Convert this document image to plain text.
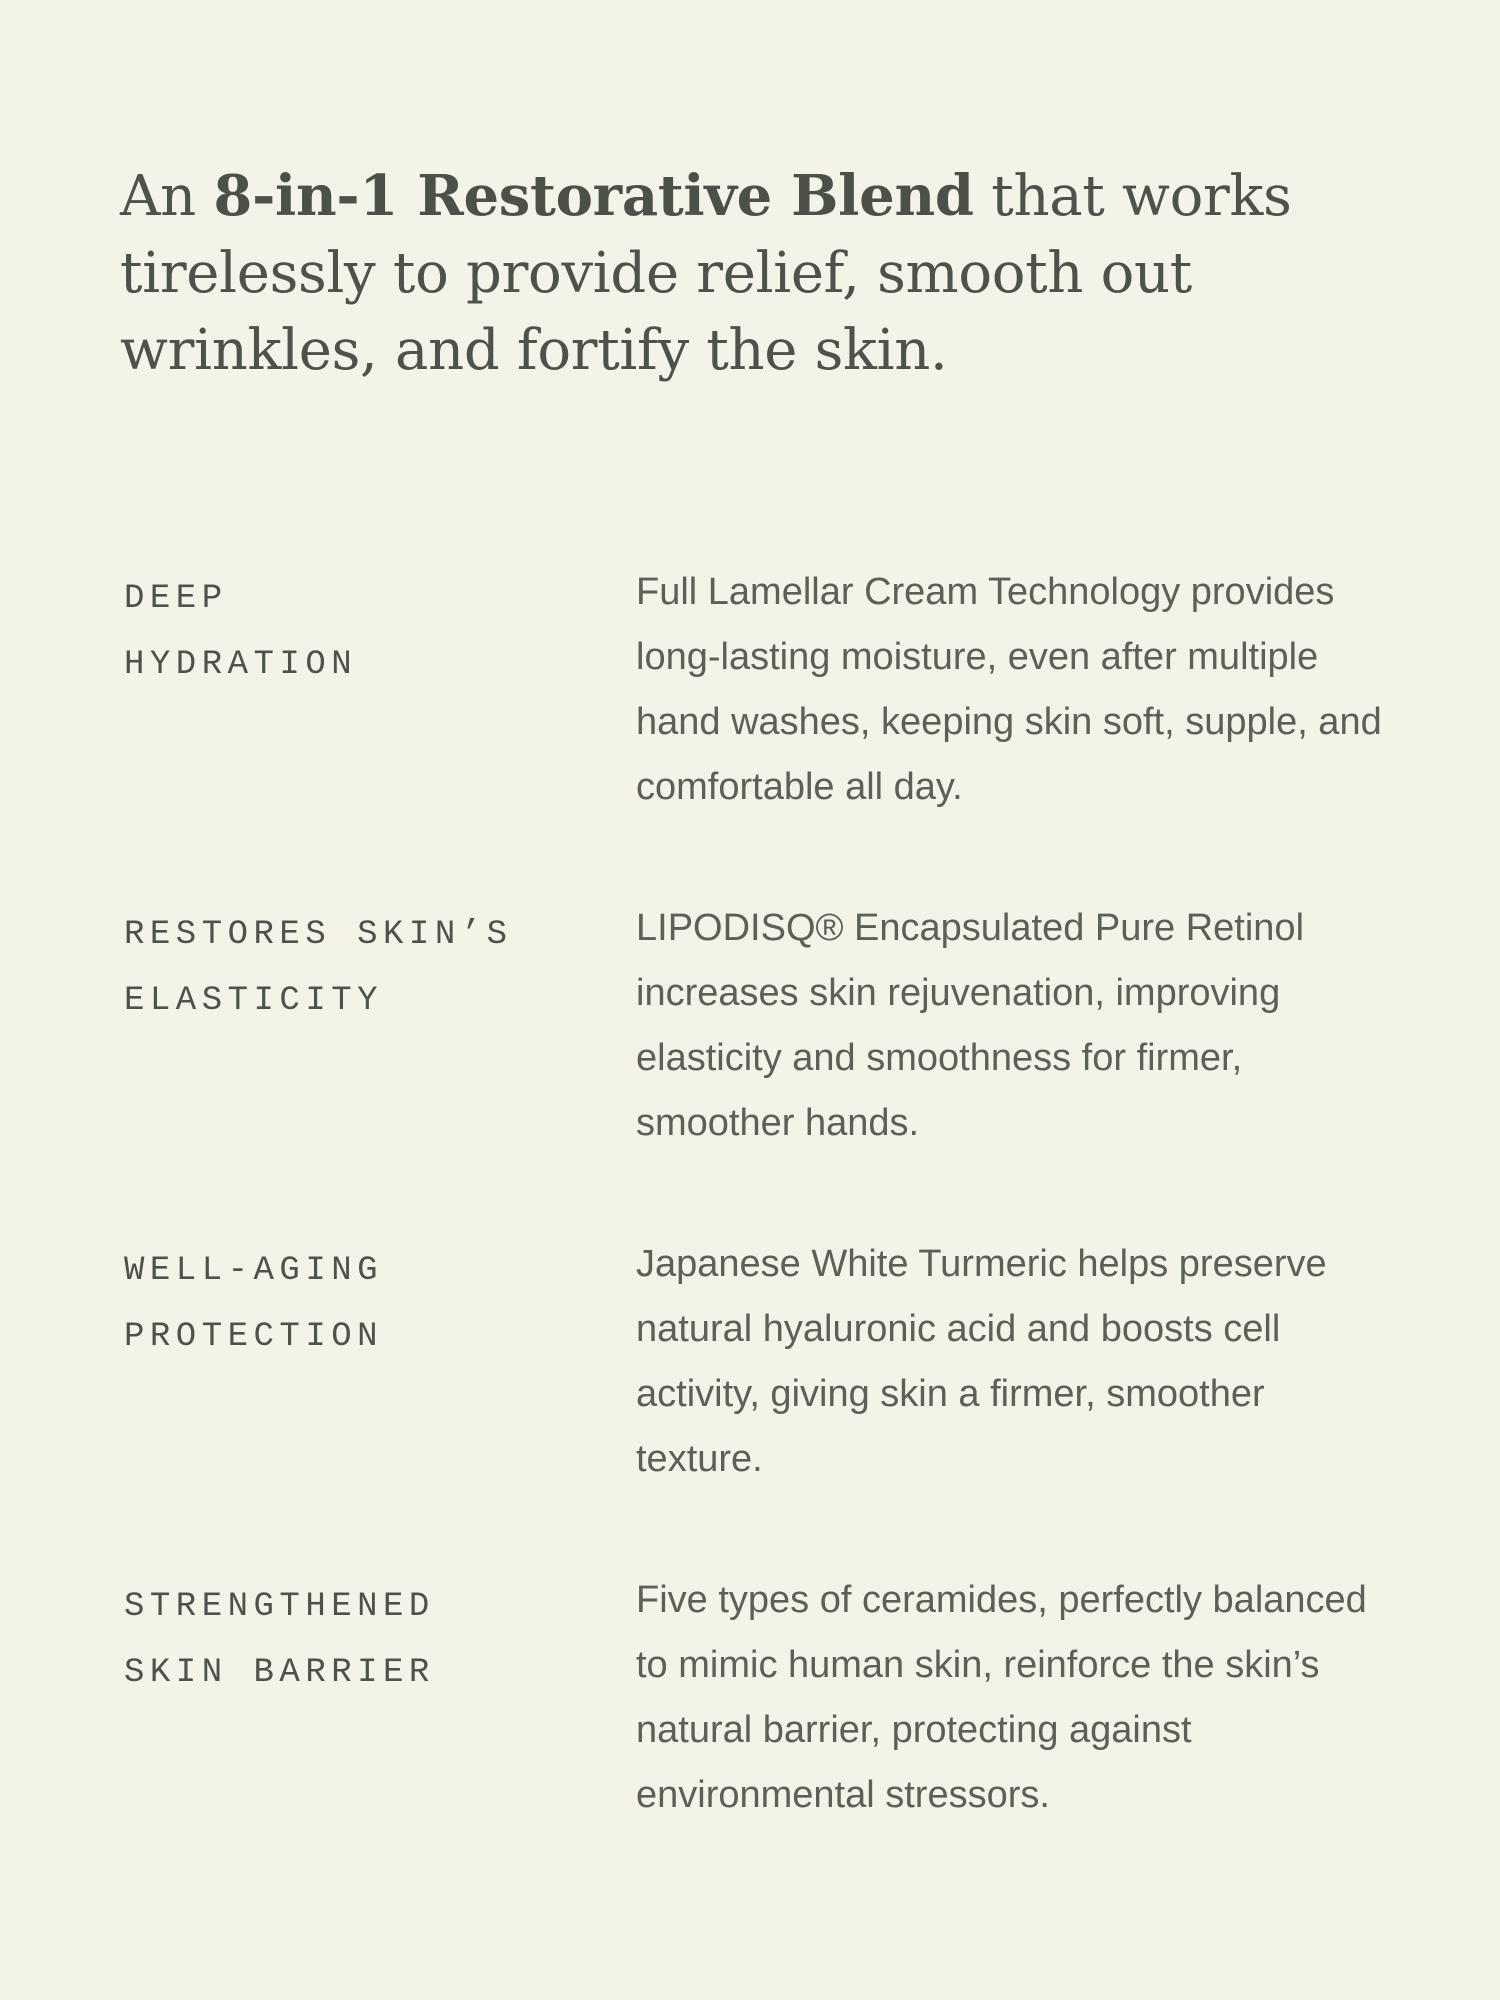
An 8-in-1 Restorative Blend that works tirelessly to provide relief, smooth out wrinkles, and fortify the skin.
DEEP
HYDRATION

Full Lamellar Cream Technology provides long-lasting moisture, even after multiple hand washes, keeping skin soft, supple, and comfortable all day.

RESTORES SKIN’S
ELASTICITY

LIPODISQ® Encapsulated Pure Retinol increases skin rejuvenation, improving elasticity and smoothness for firmer, smoother hands.

WELL-AGING
PROTECTION

Japanese White Turmeric helps preserve natural hyaluronic acid and boosts cell activity, giving skin a firmer, smoother texture.

STRENGTHENED
SKIN BARRIER

Five types of ceramides, perfectly balanced to mimic human skin, reinforce the skin’s natural barrier, protecting against environmental stressors.
